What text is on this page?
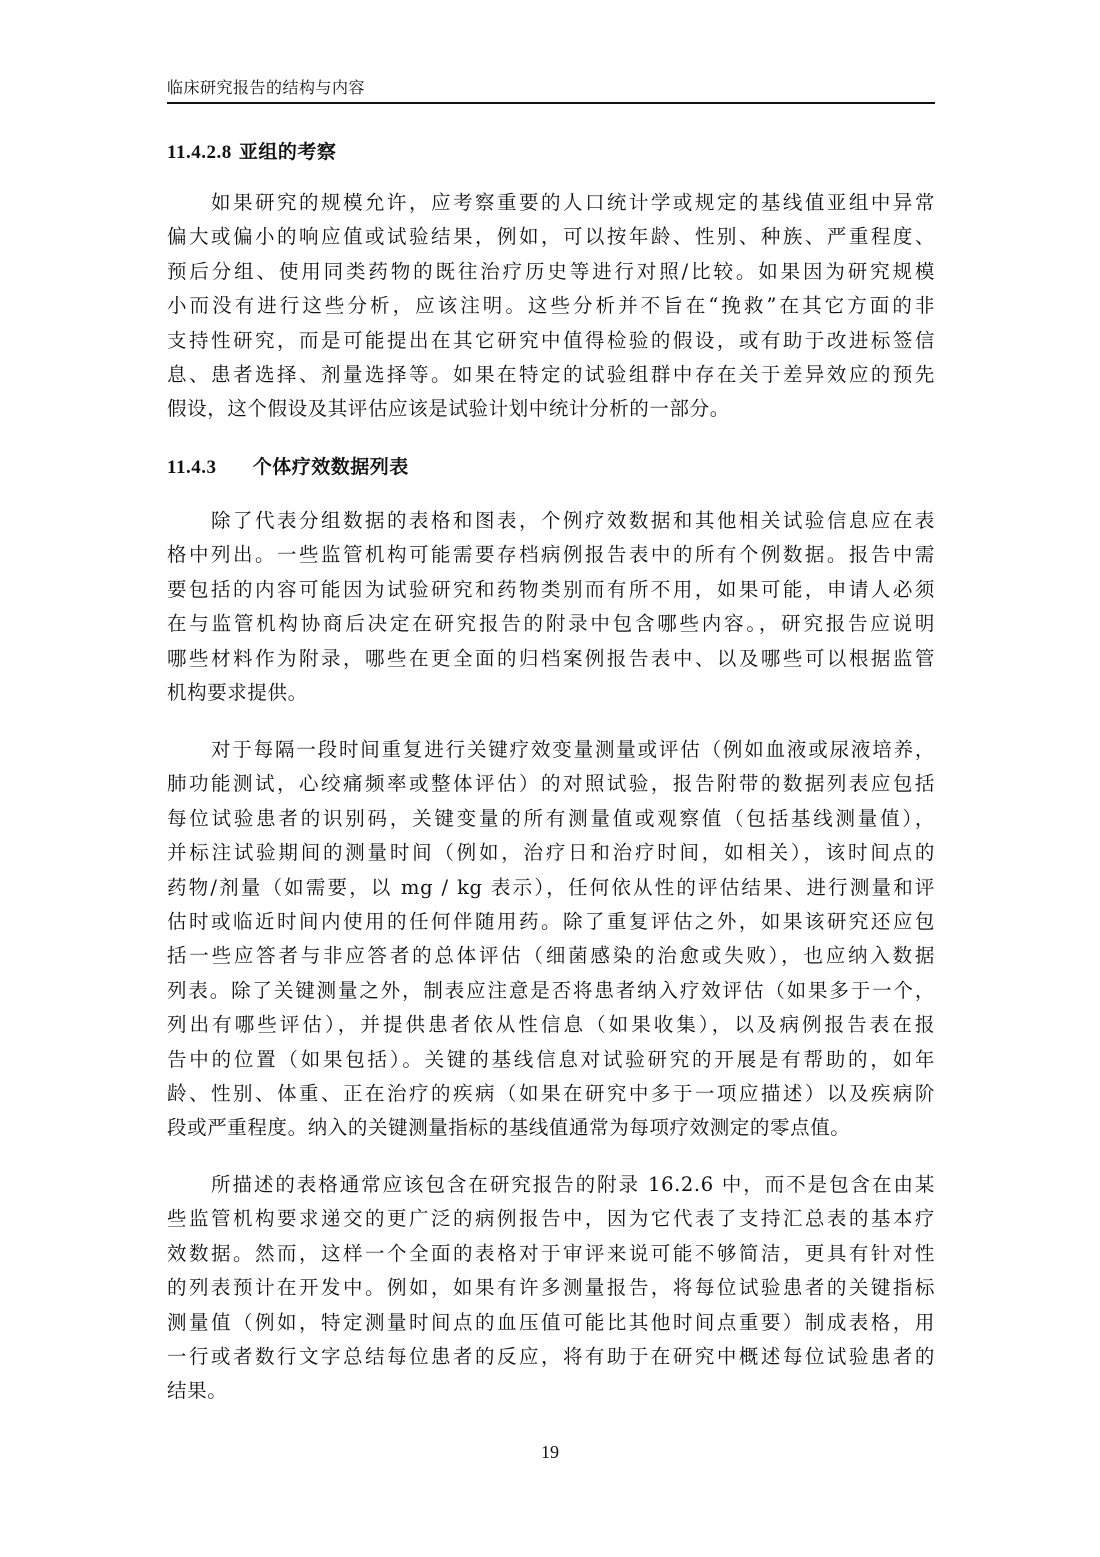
临床研究报告的结构与内容
11.4.2.8 亚组的考察
如果研究的规模允许，应考察重要的人口统计学或规定的基线值亚组中异常
偏大或偏小的响应值或试验结果，例如，可以按年龄、性别、种族、严重程度、
预后分组、使用同类药物的既往治疗历史等进行对照/比较。如果因为研究规模
小而没有进行这些分析，应该注明。这些分析并不旨在“挽救”在其它方面的非
支持性研究，而是可能提出在其它研究中值得检验的假设，或有助于改进标签信
息、患者选择、剂量选择等。如果在特定的试验组群中存在关于差异效应的预先
假设，这个假设及其评估应该是试验计划中统计分析的一部分。
11.4.3 个体疗效数据列表
除了代表分组数据的表格和图表，个例疗效数据和其他相关试验信息应在表
格中列出。一些监管机构可能需要存档病例报告表中的所有个例数据。报告中需
要包括的内容可能因为试验研究和药物类别而有所不用，如果可能，申请人必须
在与监管机构协商后决定在研究报告的附录中包含哪些内容。，研究报告应说明
哪些材料作为附录，哪些在更全面的归档案例报告表中、以及哪些可以根据监管
机构要求提供。
对于每隔一段时间重复进行关键疗效变量测量或评估（例如血液或尿液培养，
肺功能测试，心绞痛频率或整体评估）的对照试验，报告附带的数据列表应包括
每位试验患者的识别码，关键变量的所有测量值或观察值（包括基线测量值），
并标注试验期间的测量时间（例如，治疗日和治疗时间，如相关），该时间点的
药物/剂量（如需要，以 mg / kg 表示），任何依从性的评估结果、进行测量和评
估时或临近时间内使用的任何伴随用药。除了重复评估之外，如果该研究还应包
括一些应答者与非应答者的总体评估（细菌感染的治愈或失败），也应纳入数据
列表。除了关键测量之外，制表应注意是否将患者纳入疗效评估（如果多于一个，
列出有哪些评估），并提供患者依从性信息（如果收集），以及病例报告表在报
告中的位置（如果包括）。关键的基线信息对试验研究的开展是有帮助的，如年
龄、性别、体重、正在治疗的疾病（如果在研究中多于一项应描述）以及疾病阶
段或严重程度。纳入的关键测量指标的基线值通常为每项疗效测定的零点值。
所描述的表格通常应该包含在研究报告的附录 16.2.6 中，而不是包含在由某
些监管机构要求递交的更广泛的病例报告中，因为它代表了支持汇总表的基本疗
效数据。然而，这样一个全面的表格对于审评来说可能不够简洁，更具有针对性
的列表预计在开发中。例如，如果有许多测量报告，将每位试验患者的关键指标
测量值（例如，特定测量时间点的血压值可能比其他时间点重要）制成表格，用
一行或者数行文字总结每位患者的反应，将有助于在研究中概述每位试验患者的
结果。
19
